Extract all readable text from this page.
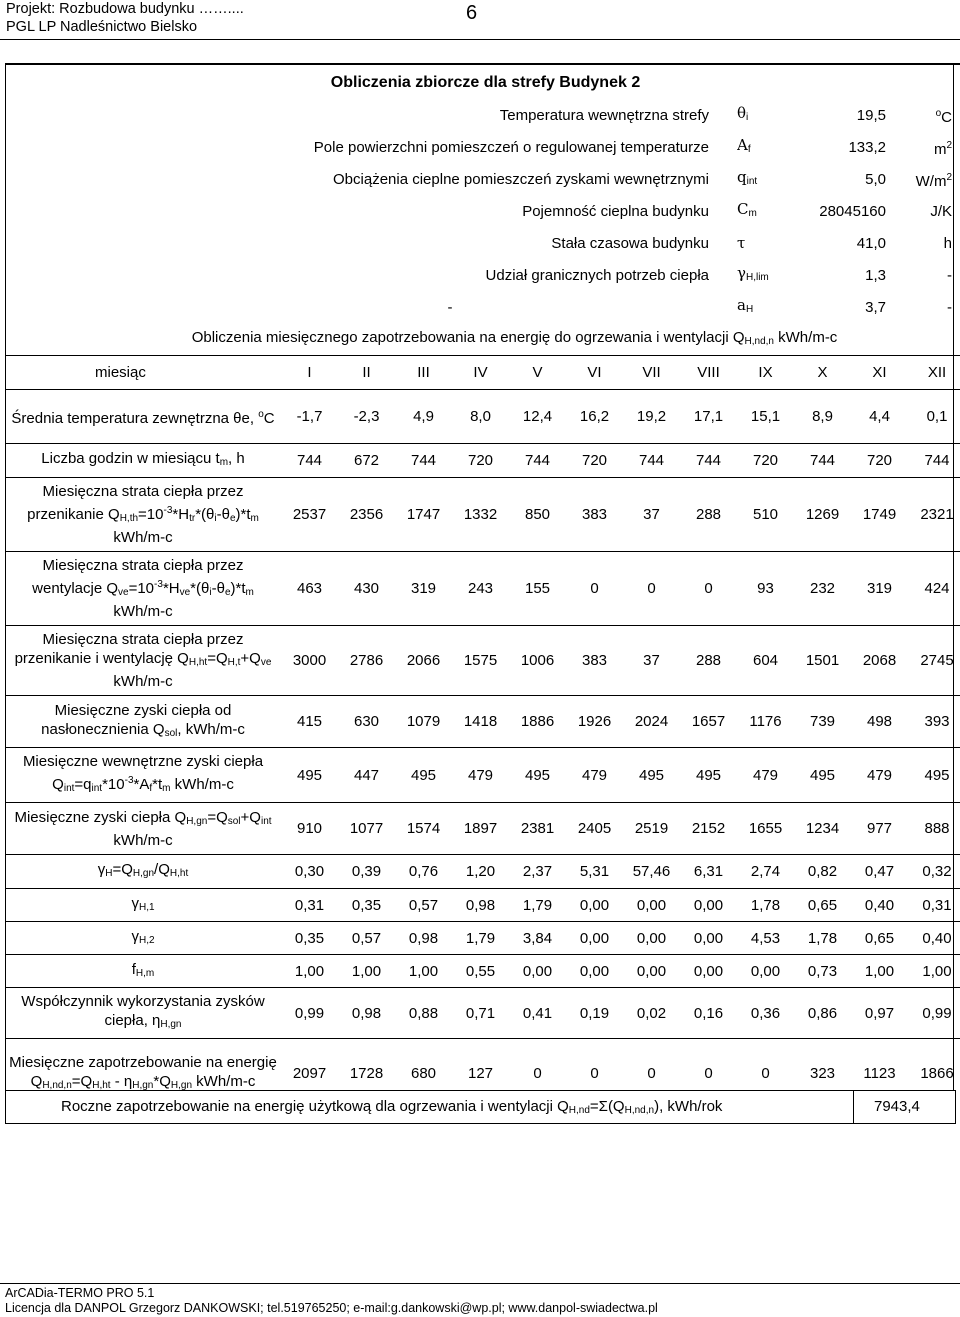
Projekt: Rozbudowa budynku ……....
PGL LP Nadleśnictwo Bielsko
6
Obliczenia zbiorcze dla strefy Budynek 2												
Temperatura wewnętrzna strefy									$\theta_i$	19,5		$^o$C
Pole powierzchni pomieszczeń o regulowanej temperaturze									$A_f$	133,2		$m^2$
Obciążenia cieplne pomieszczeń zyskami wewnętrznymi									$q_{int}$	5,0		$W/m^2$
Pojemność cieplna budynku									$C_m$	28045160		J/K
Stała czasowa budynku									τ	41,0		h
Udział granicznych potrzeb ciepła									$\gamma_{H,lim}$	1,3		-
-									$a_H$	3,7		-
Obliczenia miesięcznego zapotrzebowania na energię do ogrzewania i wentylacji $Q_{H,nd,n}$ kWh/m-c												
miesiąc	I	II	III	IV	V	VI	VII	VIII	IX	X	XI	XII
Średnia temperatura zewnętrzna θe, $^o$C	-1,7	-2,3	4,9	8,0	12,4	16,2	19,2	17,1	15,1	8,9	4,4	0,1
Liczba godzin w miesiącu $t_m$, h	744	672	744	720	744	720	744	744	720	744	720	744
Miesięczna strata ciepła przez przenikanie $Q_{H,th}=10^{-3}*H_{tr}*(\theta_i-\theta_e)*t_m$ kWh/m-c	2537	2356	1747	1332	850	383	37	288	510	1269	1749	2321
Miesięczna strata ciepła przez wentylacje $Q_{ve}=10^{-3}*H_{ve}*(\theta_i-\theta_e)*t_m$ kWh/m-c	463	430	319	243	155	0	0	0	93	232	319	424
Miesięczna strata ciepła przez przenikanie i wentylację $Q_{H,ht}=Q_{H,t}+Q_{ve}$ kWh/m-c	3000	2786	2066	1575	1006	383	37	288	604	1501	2068	2745
Miesięczne zyski ciepła od nasłonecznienia $Q_{sol}$, kWh/m-c	415	630	1079	1418	1886	1926	2024	1657	1176	739	498	393
Miesięczne wewnętrzne zyski ciepła $Q_{int}=q_{int}*10^{-3}*A_f*t_m$ kWh/m-c	495	447	495	479	495	479	495	495	479	495	479	495
Miesięczne zyski ciepła $Q_{H,gn}=Q_{sol}+Q_{int}$ kWh/m-c	910	1077	1574	1897	2381	2405	2519	2152	1655	1234	977	888
$\gamma_H=Q_{H,gn}/Q_{H,ht}$	0,30	0,39	0,76	1,20	2,37	5,31	57,46	6,31	2,74	0,82	0,47	0,32
$\gamma_{H,1}$	0,31	0,35	0,57	0,98	1,79	0,00	0,00	0,00	1,78	0,65	0,40	0,31
$\gamma_{H,2}$	0,35	0,57	0,98	1,79	3,84	0,00	0,00	0,00	4,53	1,78	0,65	0,40
$f_{H,m}$	1,00	1,00	1,00	0,55	0,00	0,00	0,00	0,00	0,00	0,73	1,00	1,00
Współczynnik wykorzystania zysków ciepła, $\eta_{H,gn}$	0,99	0,98	0,88	0,71	0,41	0,19	0,02	0,16	0,36	0,86	0,97	0,99
Miesięczne zapotrzebowanie na energię $Q_{H,nd,n}=Q_{H,ht} - \eta_{H,gn}*Q_{H,gn}$ kWh/m-c	2097	1728	680	127	0	0	0	0	0	323	1123	1866
Roczne zapotrzebowanie na energię użytkową dla ogrzewania i wentylacji $Q_{H,nd}=\Sigma(Q_{H,nd,n})$, kWh/rok	7943,4
ArCADia-TERMO PRO 5.1
Licencja dla DANPOL Grzegorz DANKOWSKI; tel.519765250; e-mail:g.dankowski@wp.pl; www.danpol-swiadectwa.pl
